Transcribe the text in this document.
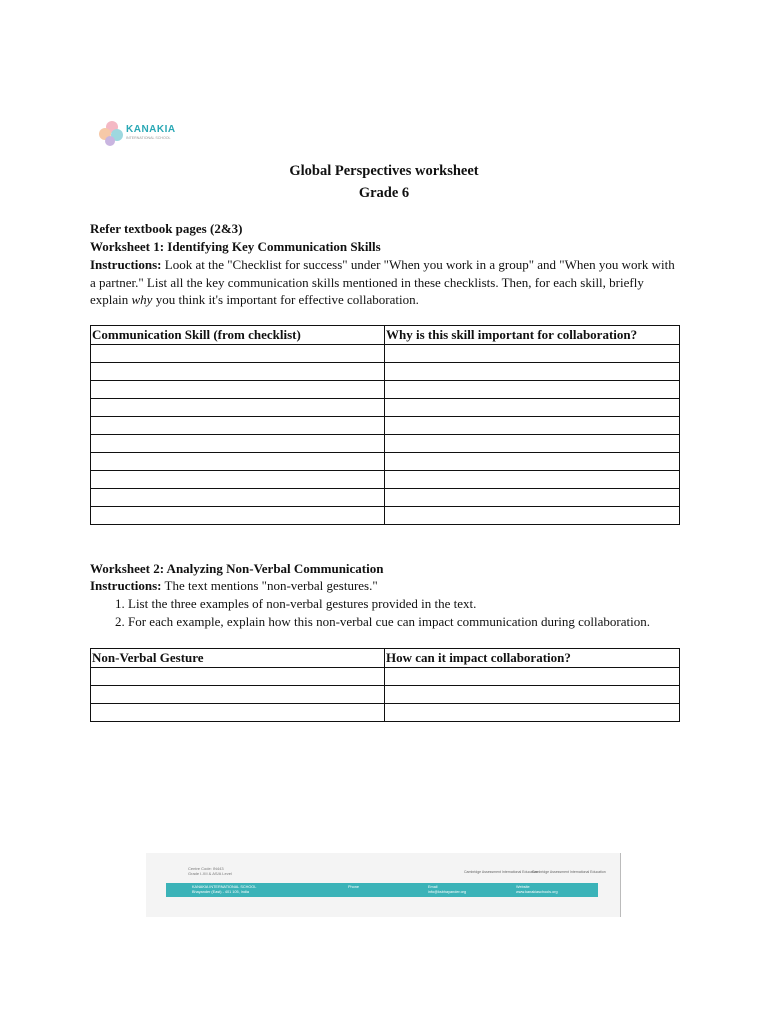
KANAKIA
INTERNATIONAL SCHOOL
Global Perspectives worksheet
Grade 6
Refer textbook pages (2&3)
Worksheet 1: Identifying Key Communication Skills
Instructions: Look at the "Checklist for success" under "When you work in a group" and "When you work with a partner." List all the key communication skills mentioned in these checklists. Then, for each skill, briefly explain why you think it's important for effective collaboration.
Communication Skill (from checklist)	Why is this skill important for collaboration?

Worksheet 2: Analyzing Non-Verbal Communication
Instructions: The text mentions "non-verbal gestures."
1. List the three examples of non-verbal gestures provided in the text.
2. For each example, explain how this non-verbal cue can impact communication during collaboration.
Non-Verbal Gesture	How can it impact collaboration?

Centre Code: IN443
Grade I-XII & AS/A Level	Cambridge Assessment International Education
Cambridge Assessment International Education
KANAKIA INTERNATIONAL SCHOOL
Bhayander (East) - 401 105, India
Phone	Email
info@ksbhayander.org
Website
www.kanakiaschools.org
